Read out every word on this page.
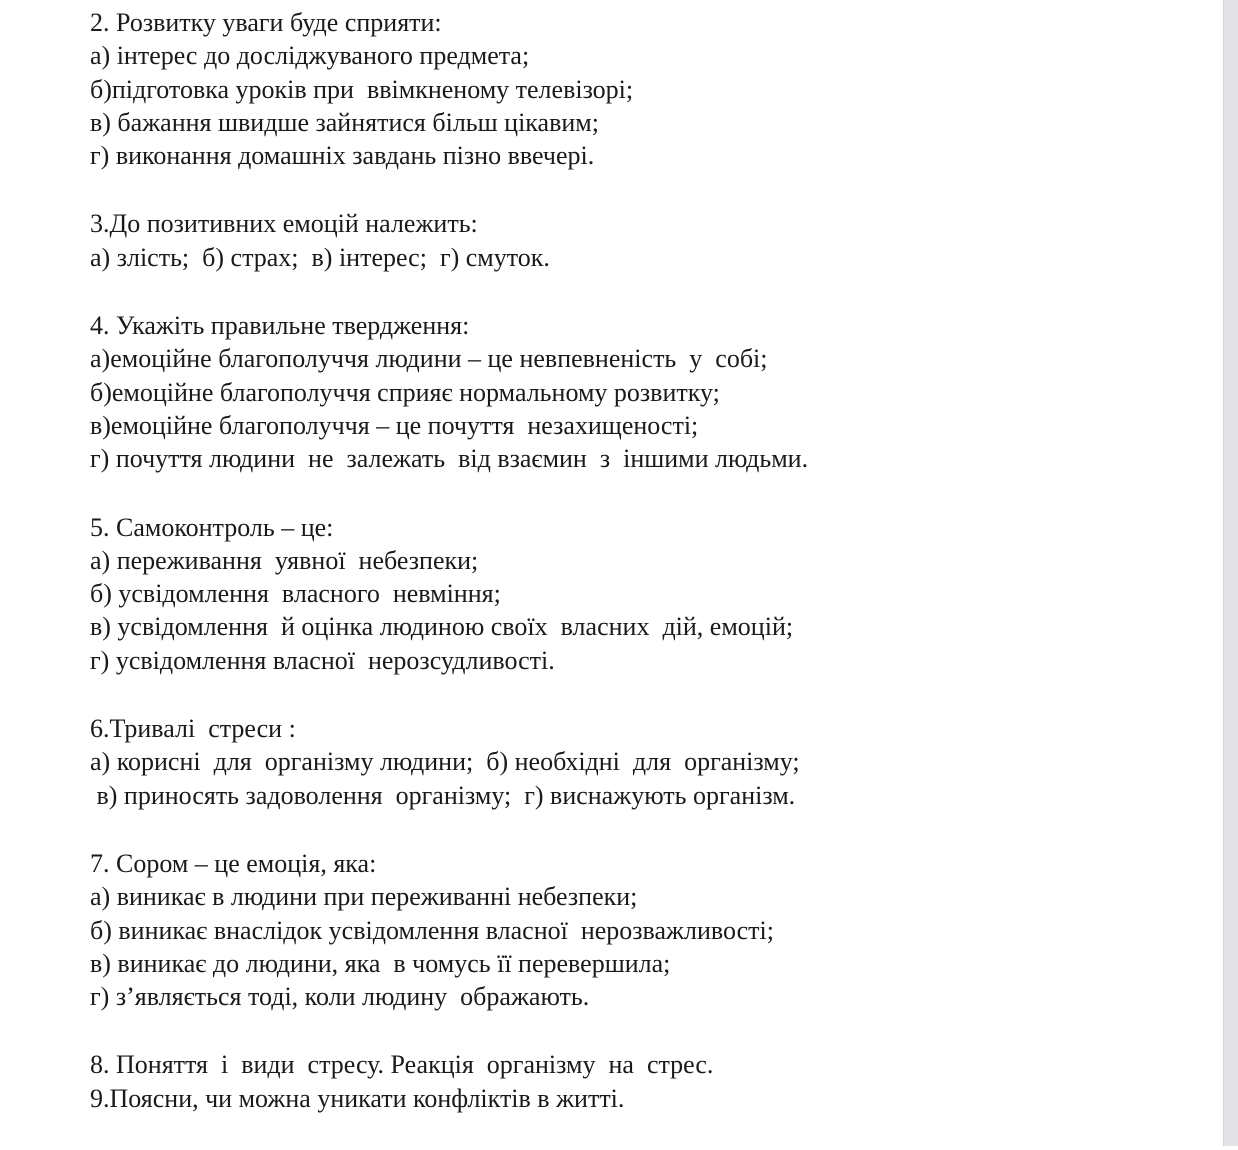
2. Розвитку уваги буде сприяти:
а) інтерес до досліджуваного предмета;
б)підготовка уроків при  ввімкненому телевізорі;
в) бажання швидше зайнятися більш цікавим;
г) виконання домашніх завдань пізно ввечері.
3.До позитивних емоцій належить:
а) злість;  б) страх;  в) інтерес;  г) смуток.
4. Укажіть правильне твердження:
а)емоційне благополуччя людини – це невпевненість  у  собі;
б)емоційне благополуччя сприяє нормальному розвитку;
в)емоційне благополуччя – це почуття  незахищеності;
г) почуття людини  не  залежать  від взаємин  з  іншими людьми.
5. Самоконтроль – це:
а) переживання  уявної  небезпеки;
б) усвідомлення  власного  невміння;
в) усвідомлення  й оцінка людиною своїх  власних  дій, емоцій;
г) усвідомлення власної  нерозсудливості.
6.Тривалі  стреси :
а) корисні  для  організму людини;  б) необхідні  для  організму;
в) приносять задоволення  організму;  г) виснажують організм.
7. Сором – це емоція, яка:
а) виникає в людини при переживанні небезпеки;
б) виникає внаслідок усвідомлення власної  нерозважливості;
в) виникає до людини, яка  в чомусь її перевершила;
г) з’являється тоді, коли людину  ображають.
8. Поняття  і  види  стресу. Реакція  організму  на  стрес.
9.Поясни, чи можна уникати конфліктів в житті.
